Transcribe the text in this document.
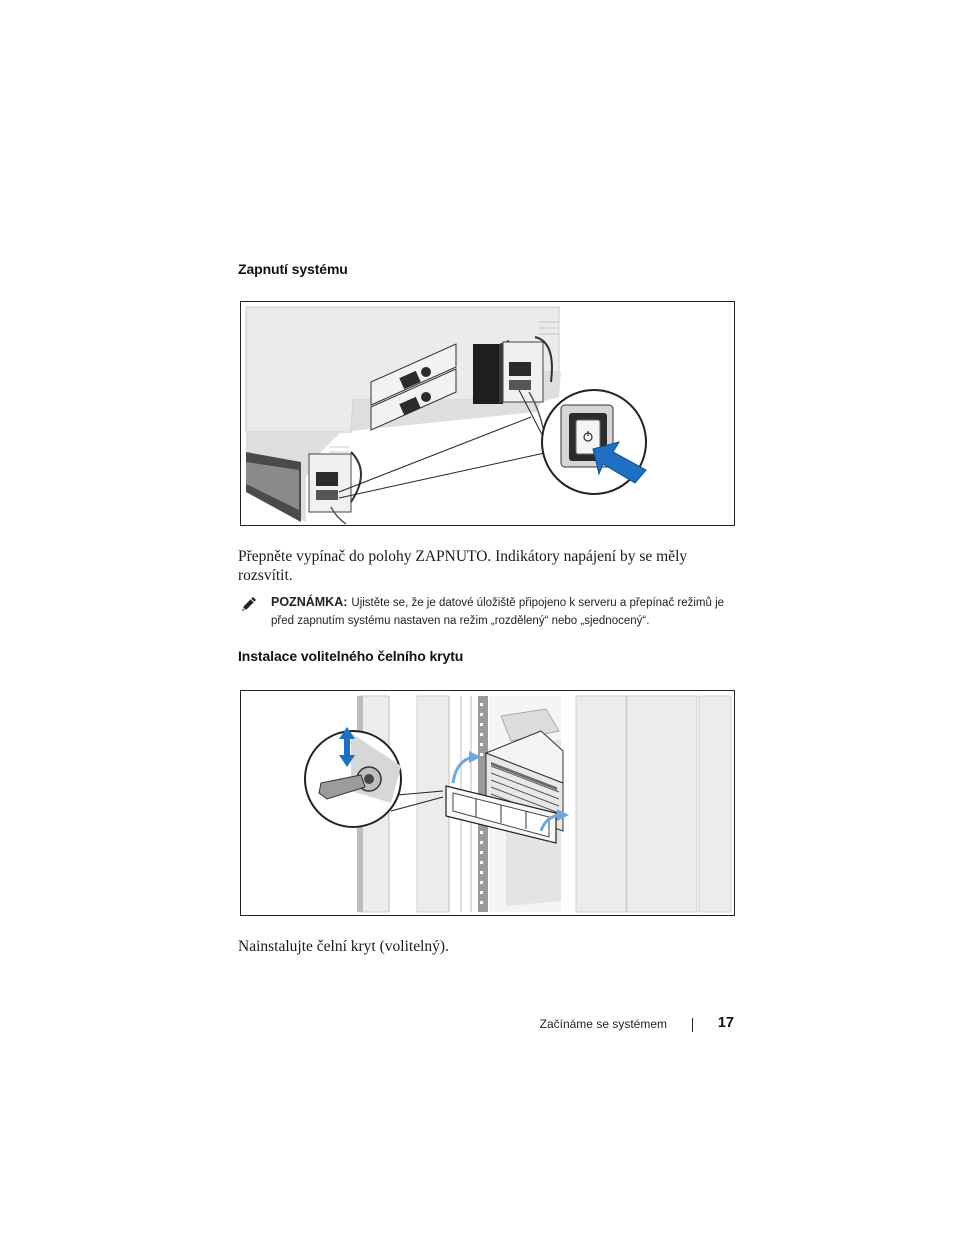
Zapnutí systému
Přepněte vypínač do polohy ZAPNUTO. Indikátory napájení by se měly rozsvítit.
POZNÁMKA: Ujistěte se, že je datové úložiště připojeno k serveru a přepínač režimů je před zapnutím systému nastaven na režim „rozdělený“ nebo „sjednocený“.
Instalace volitelného čelního krytu
Nainstalujte čelní kryt (volitelný).
Začínáme se systémem	17
